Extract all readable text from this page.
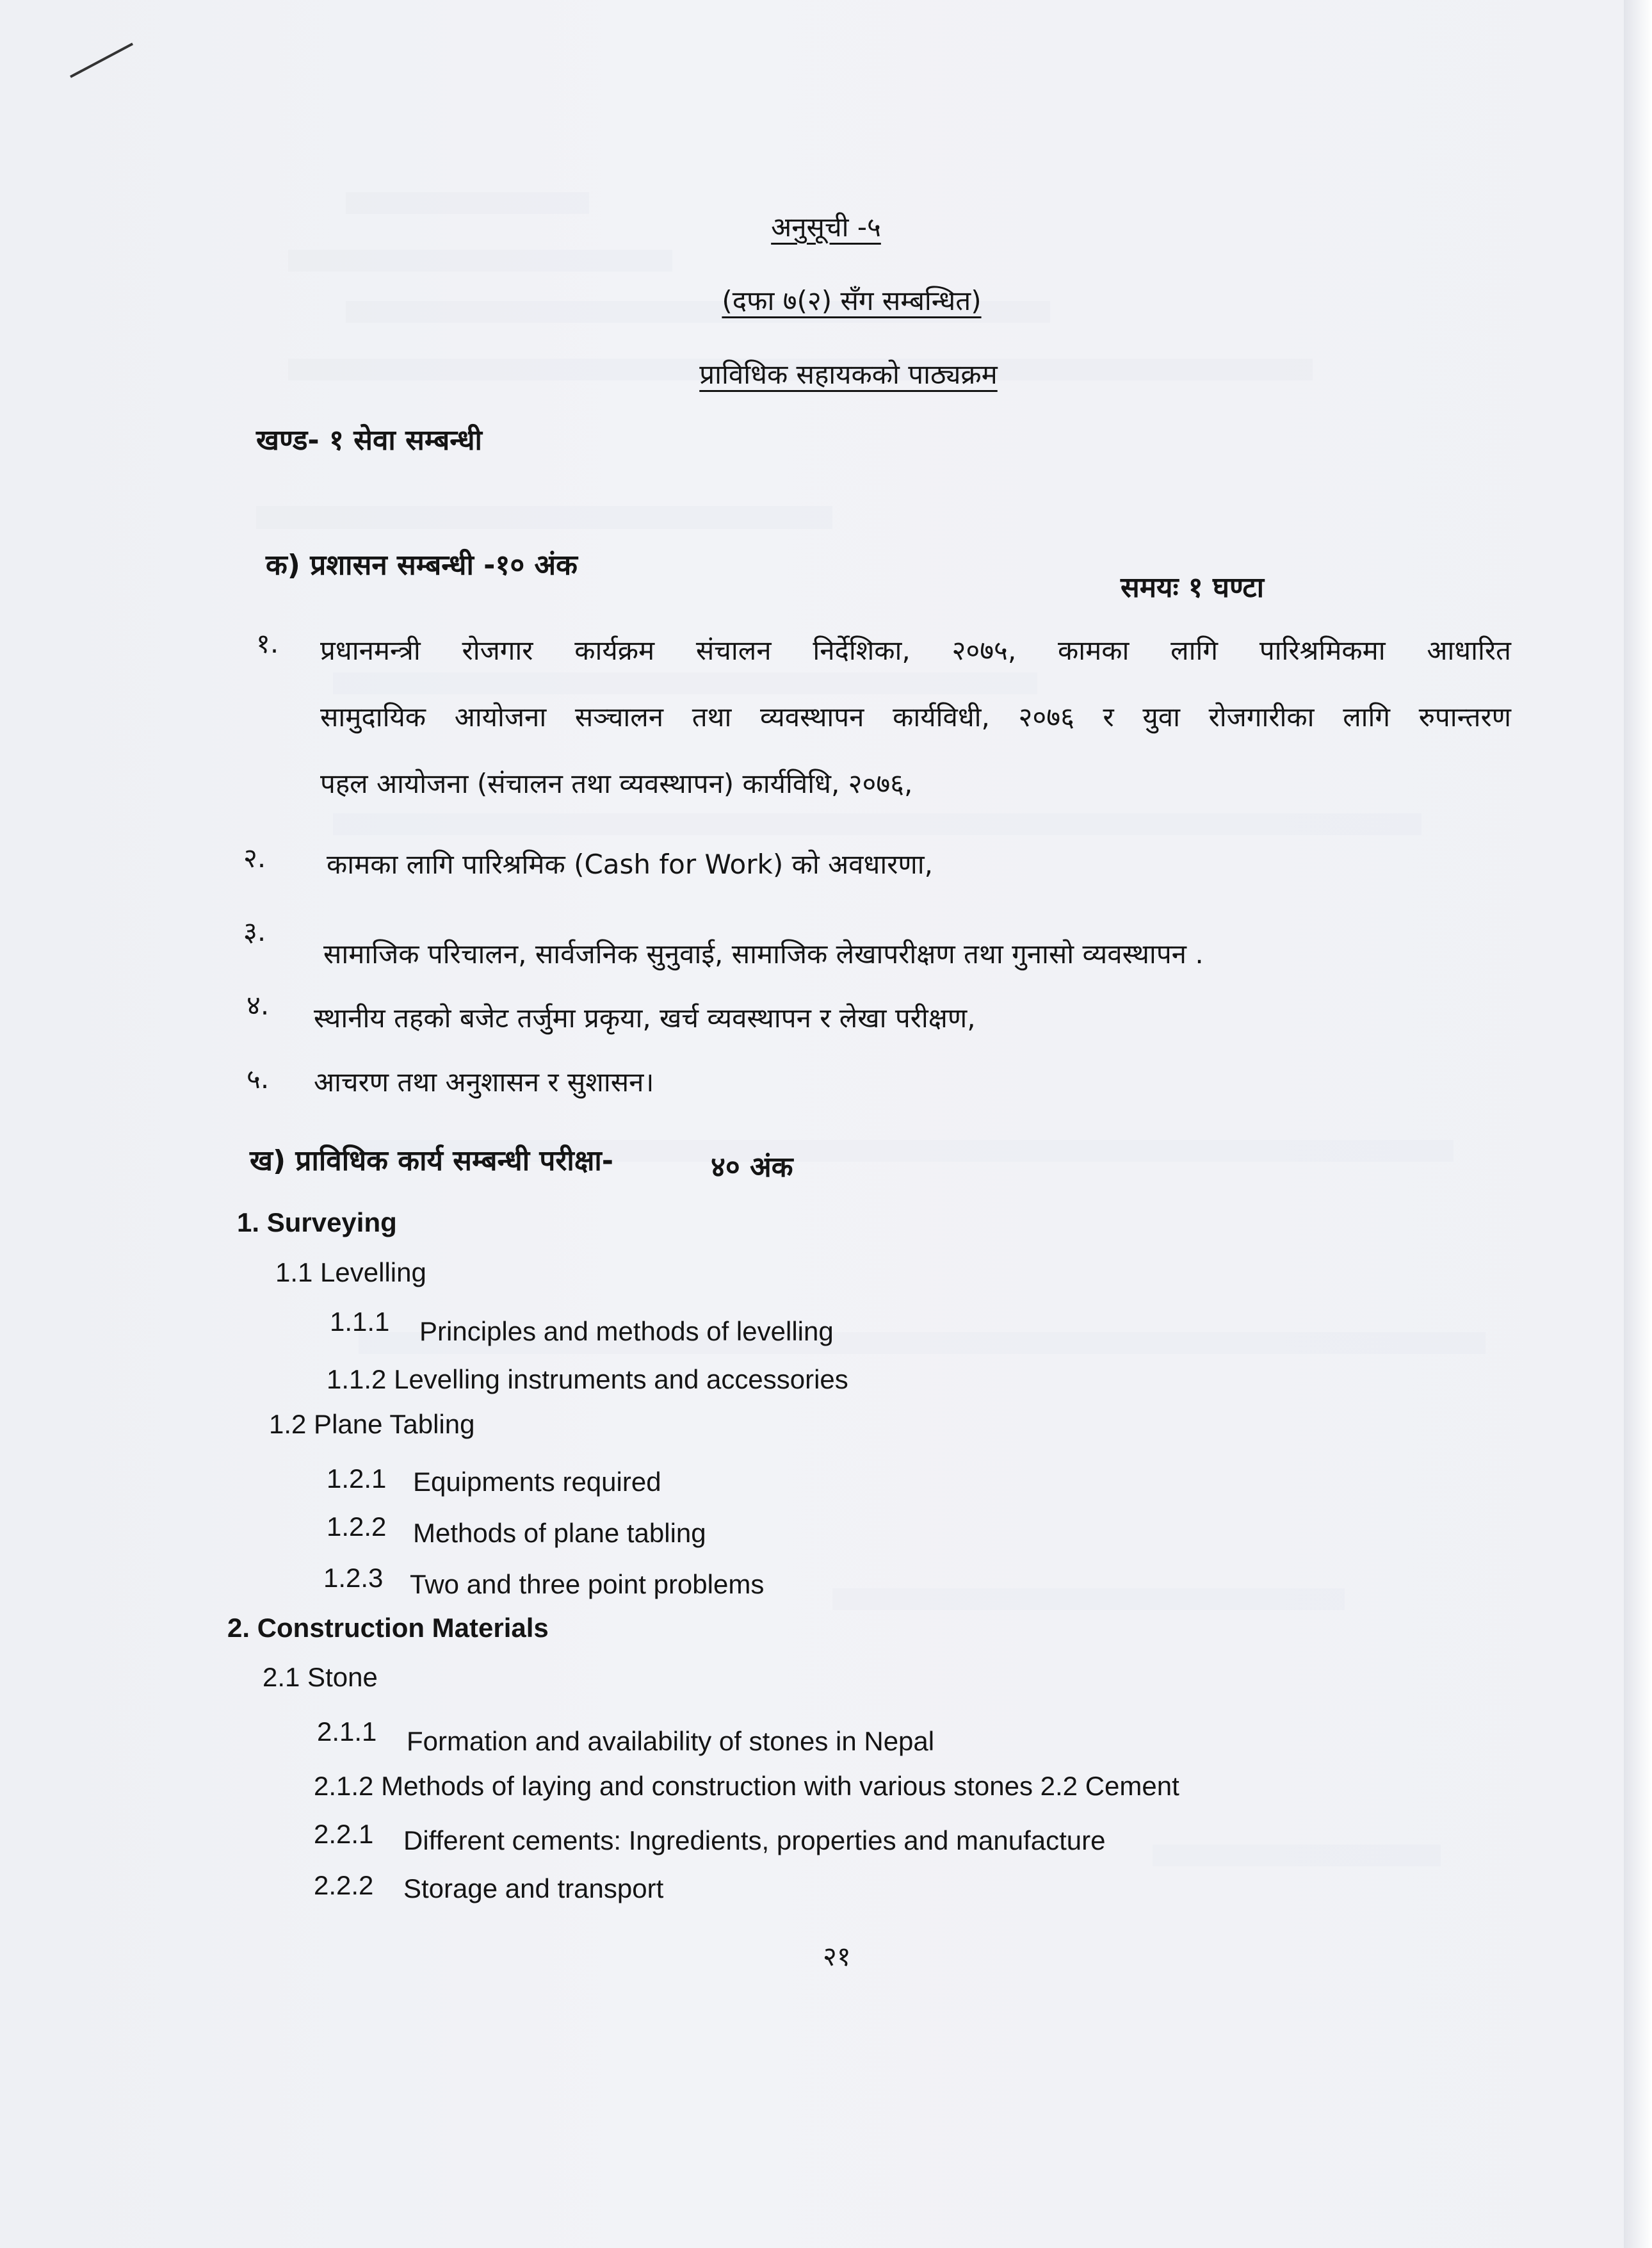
अनुसूची -५
(दफा ७(२) सँग सम्बन्धित)
प्राविधिक सहायकको पाठ्यक्रम
खण्ड- १ सेवा सम्बन्धी
क) प्रशासन सम्बन्धी -१० अंक
समयः १ घण्टा
१. प्रधानमन्त्री रोजगार कार्यक्रम संचालन निर्देशिका, २०७५, कामका लागि पारिश्रमिकमा आधारित
सामुदायिक आयोजना सञ्चालन तथा व्यवस्थापन कार्यविधी, २०७६ र युवा रोजगारीका लागि रुपान्तरण
पहल आयोजना (संचालन तथा व्यवस्थापन) कार्यविधि, २०७६,
२. कामका लागि पारिश्रमिक (Cash for Work) को अवधारणा,
३.
सामाजिक परिचालन, सार्वजनिक सुनुवाई, सामाजिक लेखापरीक्षण तथा गुनासो व्यवस्थापन .
४. स्थानीय तहको बजेट तर्जुमा प्रकृया, खर्च व्यवस्थापन र लेखा परीक्षण,
५. आचरण तथा अनुशासन र सुशासन।
ख) प्राविधिक कार्य सम्बन्धी परीक्षा-	४० अंक
1. Surveying
1.1 Levelling
1.1.1 Principles and methods of levelling
1.1.2 Levelling instruments and accessories
1.2 Plane Tabling
1.2.1 Equipments required
1.2.2 Methods of plane tabling
1.2.3 Two and three point problems
2. Construction Materials
2.1 Stone
2.1.1 Formation and availability of stones in Nepal
2.1.2 Methods of laying and construction with various stones 2.2 Cement
2.2.1 Different cements: Ingredients, properties and manufacture
2.2.2 Storage and transport
२१
